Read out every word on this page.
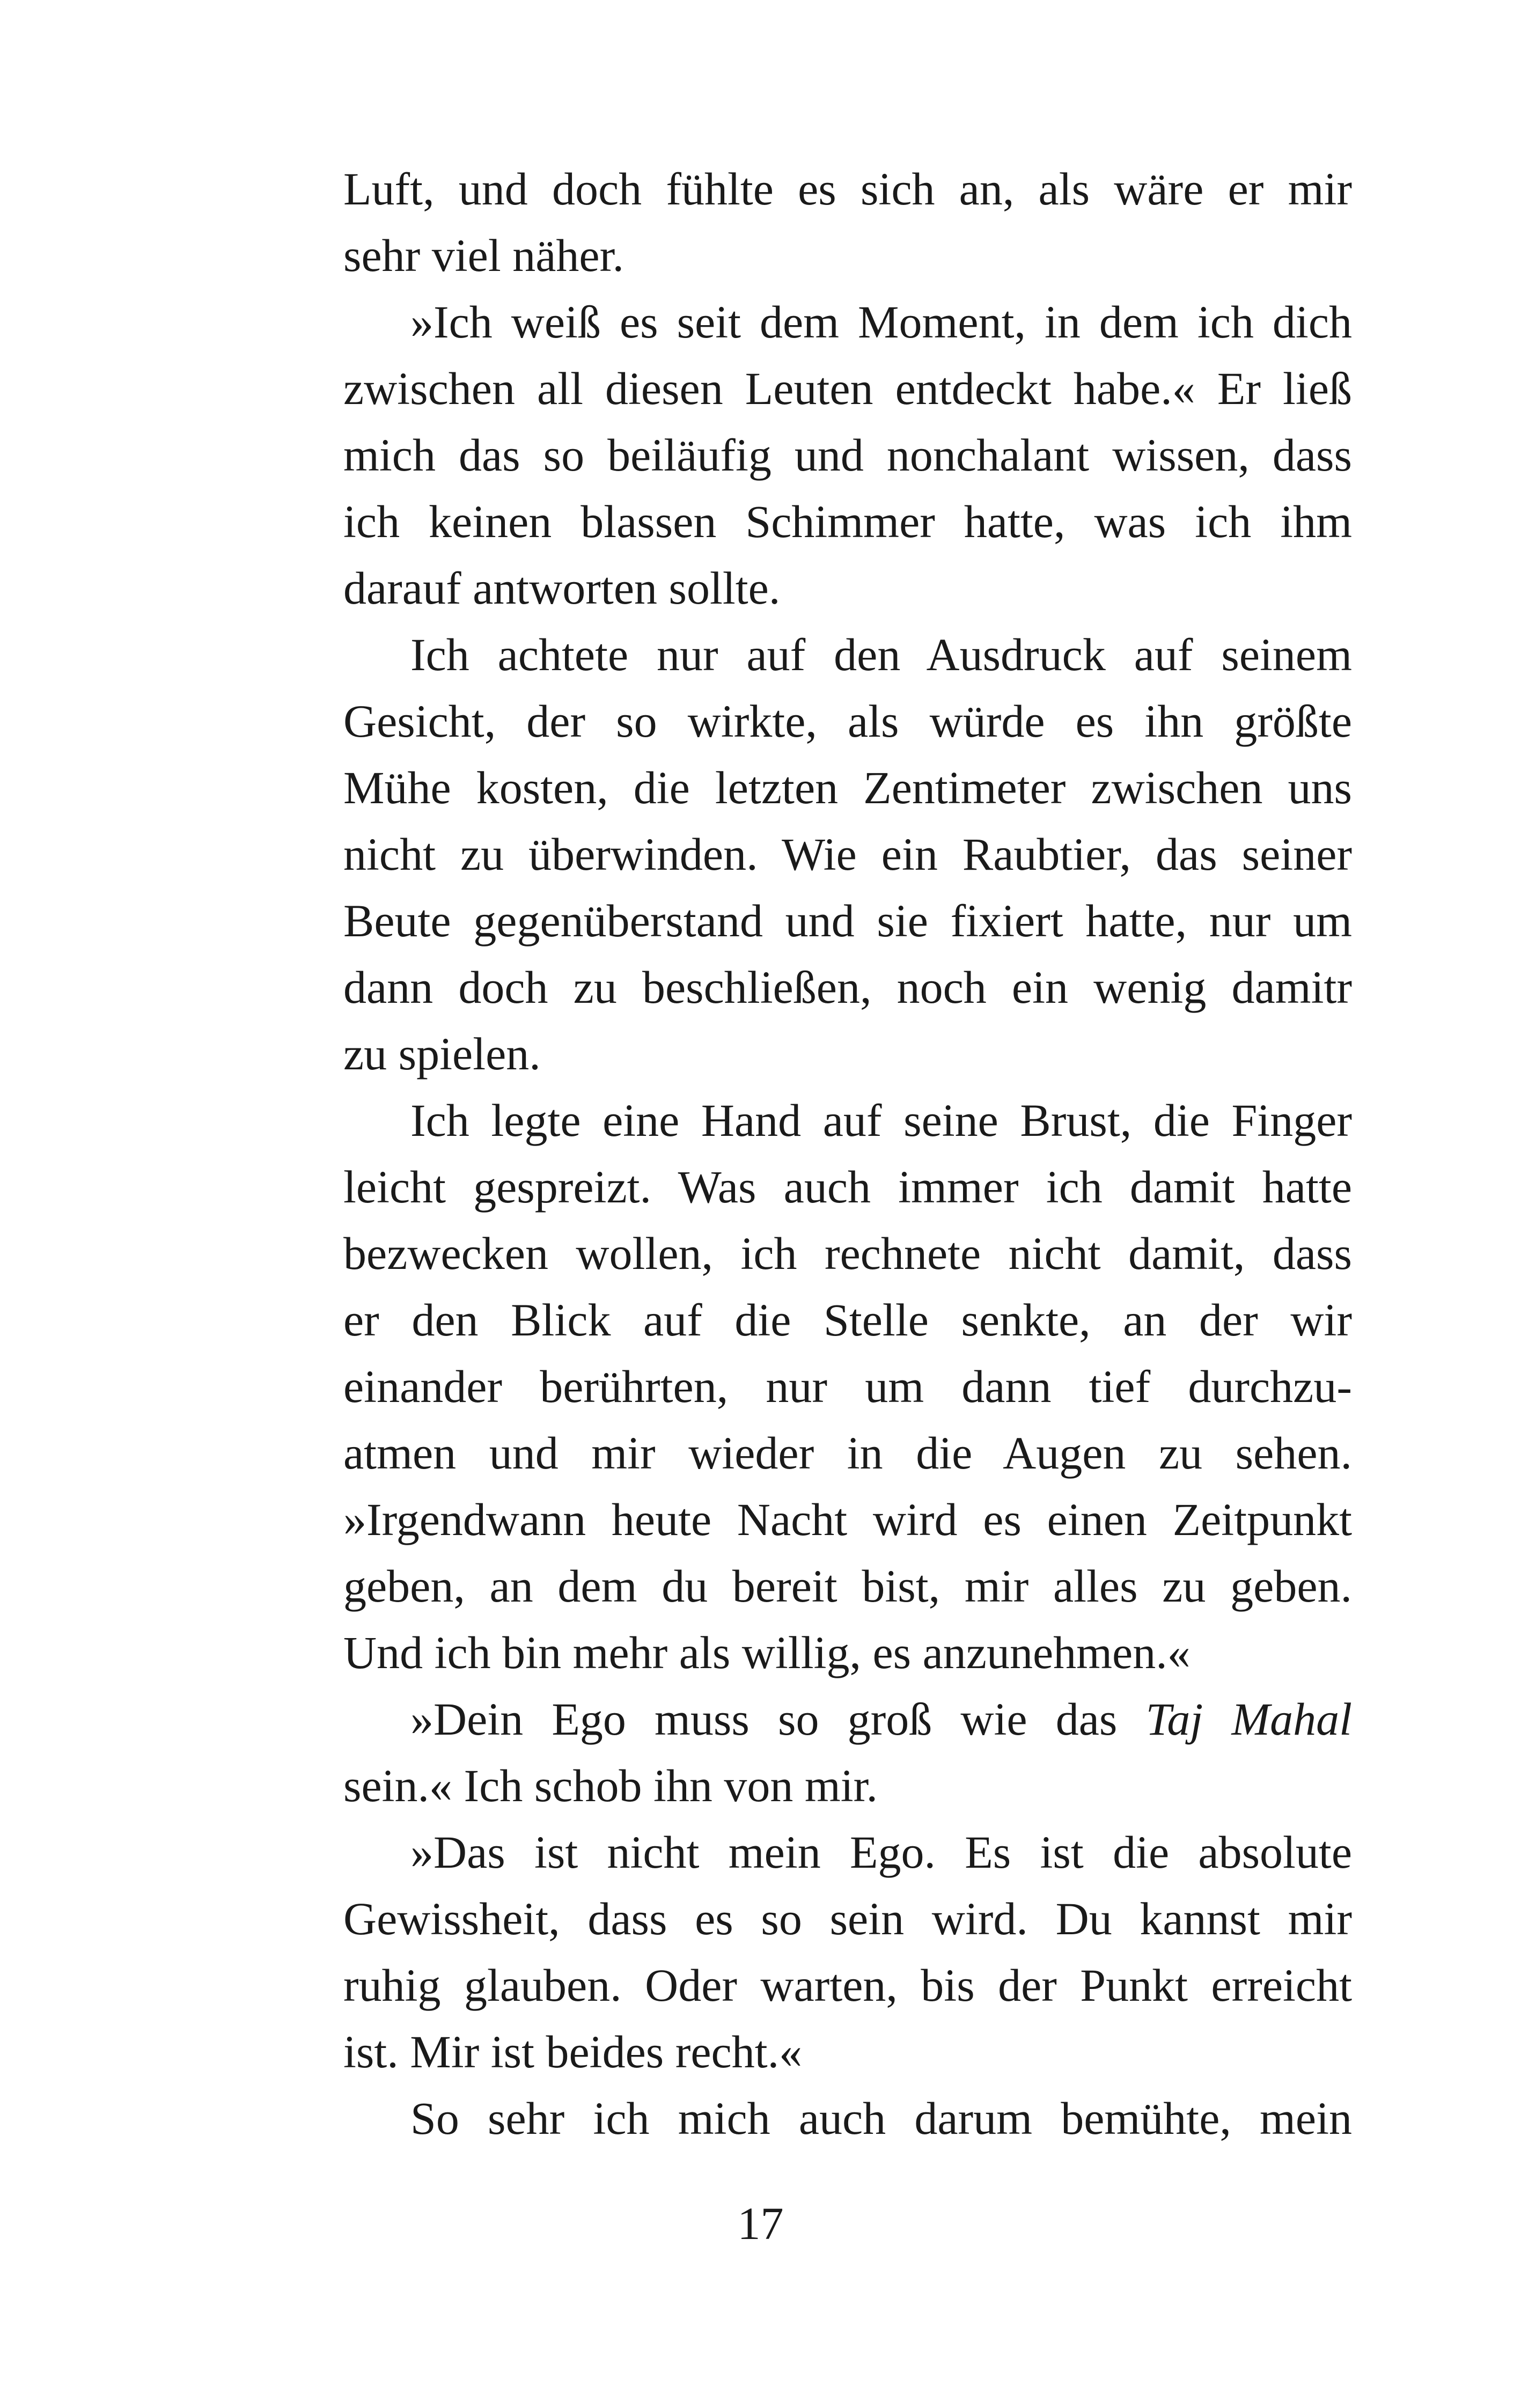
Luft, und doch fühlte es sich an, als wäre er mir
sehr viel näher.
»Ich weiß es seit dem Moment, in dem ich dich
zwischen all diesen Leuten entdeckt habe.« Er ließ
mich das so beiläufig und nonchalant wissen, dass
ich keinen blassen Schimmer hatte, was ich ihm
darauf antworten sollte.
Ich achtete nur auf den Ausdruck auf seinem
Gesicht, der so wirkte, als würde es ihn größte
Mühe kosten, die letzten Zentimeter zwischen uns
nicht zu überwinden. Wie ein Raubtier, das seiner
Beute gegenüberstand und sie fixiert hatte, nur um
dann doch zu beschließen, noch ein wenig damitr
zu spielen.
Ich legte eine Hand auf seine Brust, die Finger
leicht gespreizt. Was auch immer ich damit hatte
bezwecken wollen, ich rechnete nicht damit, dass
er den Blick auf die Stelle senkte, an der wir
einander berührten, nur um dann tief durchzu-
atmen und mir wieder in die Augen zu sehen.
»Irgendwann heute Nacht wird es einen Zeitpunkt
geben, an dem du bereit bist, mir alles zu geben.
Und ich bin mehr als willig, es anzunehmen.«
»Dein Ego muss so groß wie das Taj Mahal
sein.« Ich schob ihn von mir.
»Das ist nicht mein Ego. Es ist die absolute
Gewissheit, dass es so sein wird. Du kannst mir
ruhig glauben. Oder warten, bis der Punkt erreicht
ist. Mir ist beides recht.«
So sehr ich mich auch darum bemühte, mein
17
